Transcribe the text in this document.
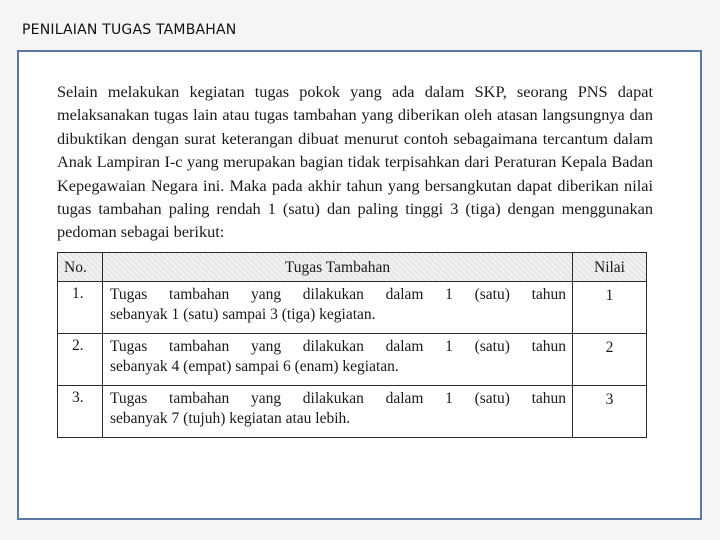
PENILAIAN TUGAS TAMBAHAN

Selain melakukan kegiatan tugas pokok yang ada dalam SKP, seorang PNS dapat melaksanakan tugas lain atau tugas tambahan yang diberikan oleh atasan langsungnya dan dibuktikan dengan surat keterangan dibuat menurut contoh sebagaimana tercantum dalam Anak Lampiran I-c yang merupakan bagian tidak terpisahkan dari Peraturan Kepala Badan Kepegawaian Negara ini. Maka pada akhir tahun yang bersangkutan dapat diberikan nilai tugas tambahan paling rendah 1 (satu) dan paling tinggi 3 (tiga) dengan menggunakan pedoman sebagai berikut:

No.	Tugas Tambahan	Nilai
1.	Tugas tambahan yang dilakukan dalam 1 (satu) tahun
sebanyak 1 (satu) sampai 3 (tiga) kegiatan.	1
2.	Tugas tambahan yang dilakukan dalam 1 (satu) tahun
sebanyak 4 (empat) sampai 6 (enam) kegiatan.	2
3.	Tugas tambahan yang dilakukan dalam 1 (satu) tahun
sebanyak 7 (tujuh) kegiatan atau lebih.	3
